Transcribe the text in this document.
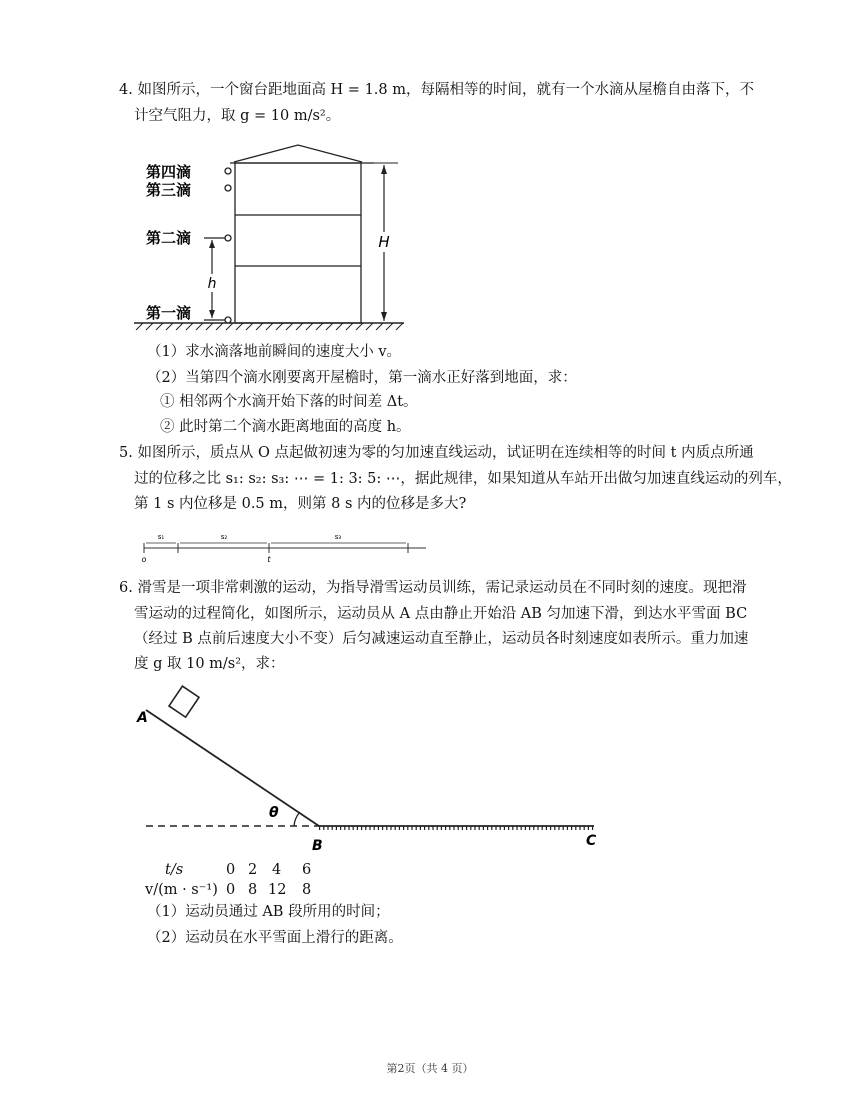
4. 如图所示，一个窗台距地面高 H = 1.8 m，每隔相等的时间，就有一个水滴从屋檐自由落下，不
计空气阻力，取 g = 10 m/s²。
h
H
第四滴
第三滴
第二滴
第一滴
（1）求水滴落地前瞬间的速度大小 v。
（2）当第四个滴水刚要离开屋檐时，第一滴水正好落到地面，求：
① 相邻两个水滴开始下落的时间差 Δt。
② 此时第二个滴水距离地面的高度 h。
5. 如图所示，质点从 O 点起做初速为零的匀加速直线运动，试证明在连续相等的时间 t 内质点所通
过的位移之比 s₁: s₂: s₃: ⋯ = 1: 3: 5: ⋯，据此规律，如果知道从车站开出做匀加速直线运动的列车，
第 1 s 内位移是 0.5 m，则第 8 s 内的位移是多大?
s₁	s₂	s₃
o	t
6. 滑雪是一项非常刺激的运动，为指导滑雪运动员训练，需记录运动员在不同时刻的速度。现把滑
雪运动的过程简化，如图所示，运动员从 A 点由静止开始沿 AB 匀加速下滑，到达水平雪面 BC
（经过 B 点前后速度大小不变）后匀减速运动直至静止，运动员各时刻速度如表所示。重力加速
度 g 取 10 m/s²，求：
θ
A
B	C
t/s	0 2 4 6
v/(m · s⁻¹) 0 8 12 8
（1）运动员通过 AB 段所用的时间；
（2）运动员在水平雪面上滑行的距离。
第2页（共 4 页）
